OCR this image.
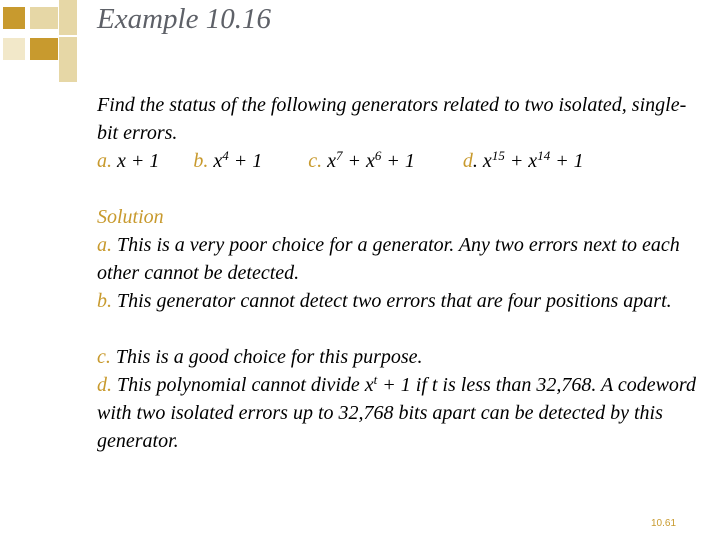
Example 10.16
Find the status of the following generators related to two isolated, single-bit errors.
a. x + 1 b. $x^4 + 1$ c. $x^7 + x^6 + 1$ d. $x^{15} + x^{14} + 1$
Solution
a. This is a very poor choice for a generator. Any two errors next to each other cannot be detected.
b. This generator cannot detect two errors that are four positions apart.
c. This is a good choice for this purpose.
d. This polynomial cannot divide $x^t + 1$ if t is less than 32,768. A codeword with two isolated errors up to 32,768 bits apart can be detected by this generator.
10.61
